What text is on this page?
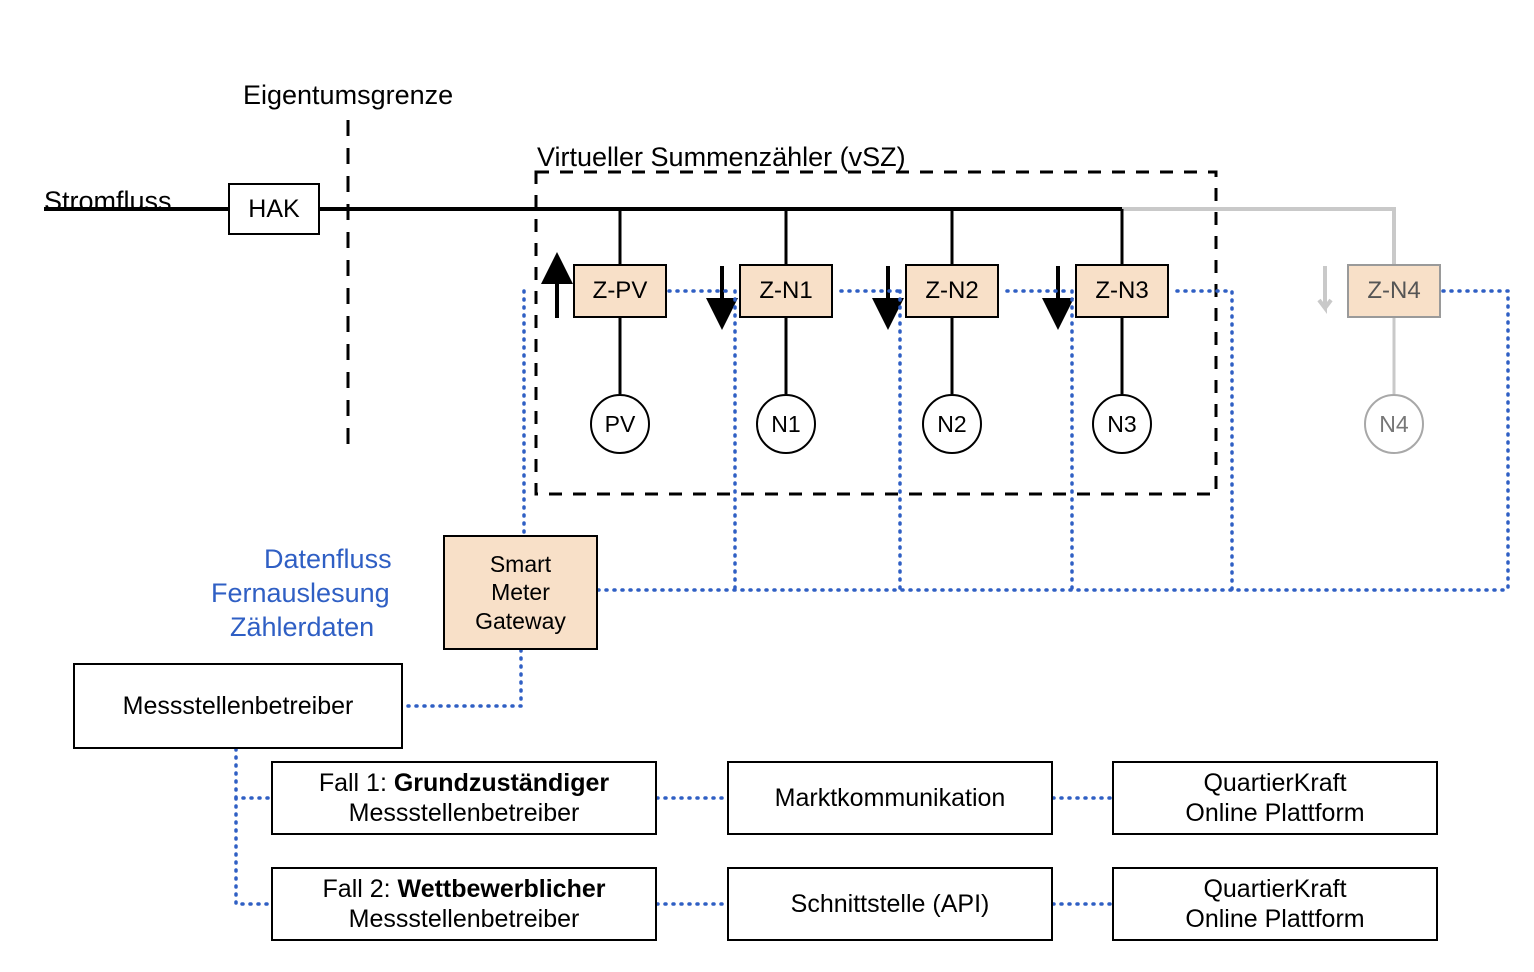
Eigentumsgrenze
Stromfluss
Virtueller Summenzähler (vSZ)
HAK
Z-PV	Z-N1	Z-N2	Z-N3	Z-N4
PV	N1	N2	N3	N4
Datenfluss
Fernauslesung
Zählerdaten
Smart
Meter
Gateway
Messstellenbetreiber
Fall 1: Grundzuständiger
Messstellenbetreiber
Marktkommunikation
QuartierKraft
Online Plattform
Fall 2: Wettbewerblicher
Messstellenbetreiber
Schnittstelle (API)
QuartierKraft
Online Plattform
